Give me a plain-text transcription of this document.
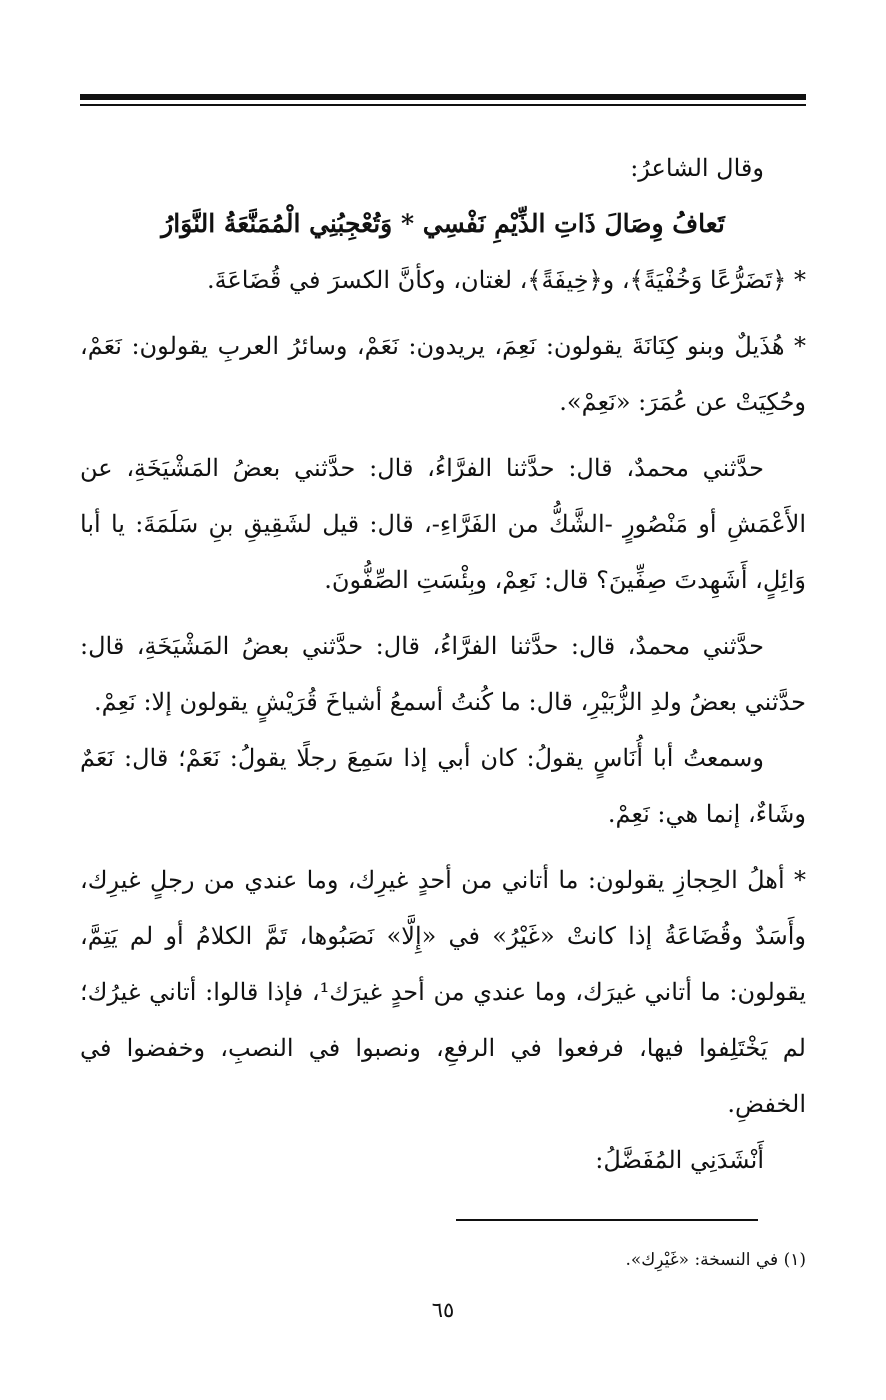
وقال الشاعرُ:

تَعافُ وِصَالَ ذَاتِ الذِّيْمِ نَفْسِي * وَتُعْجِبُنِي الْمُمَنَّعَةُ النَّوَارُ

* ﴿تَضَرُّعًا وَخُفْيَةً﴾، و﴿خِيفَةً﴾، لغتان، وكأنَّ الكسرَ في قُضَاعَةَ.

* هُذَيلٌ وبنو كِنَانَةَ يقولون: نَعِمَ، يريدون: نَعَمْ، وسائرُ العربِ يقولون: نَعَمْ، وحُكِيَتْ عن عُمَرَ: «نَعِمْ».

حدَّثني محمدٌ، قال: حدَّثنا الفرَّاءُ، قال: حدَّثني بعضُ المَشْيَخَةِ، عن الأَعْمَشِ أو مَنْصُورٍ -الشَّكُّ من الفَرَّاءِ-، قال: قيل لشَقِيقِ بنِ سَلَمَةَ: يا أبا وَائِلٍ، أَشَهِدتَ صِفِّينَ؟ قال: نَعِمْ، وبِئْسَتِ الصِّفُّونَ.

حدَّثني محمدٌ، قال: حدَّثنا الفرَّاءُ، قال: حدَّثني بعضُ المَشْيَخَةِ، قال: حدَّثني بعضُ ولدِ الزُّبَيْرِ، قال: ما كُنتُ أسمعُ أشياخَ قُرَيْشٍ يقولون إلا: نَعِمْ.

وسمعتُ أبا أُنَاسٍ يقولُ: كان أبي إذا سَمِعَ رجلًا يقولُ: نَعَمْ؛ قال: نَعَمٌ وشَاءٌ، إنما هي: نَعِمْ.

* أهلُ الحِجازِ يقولون: ما أتاني من أحدٍ غيرِك، وما عندي من رجلٍ غيرِك، وأَسَدٌ وقُضَاعَةُ إذا كانتْ «غَيْرُ» في «إِلَّا» نَصَبُوها، تَمَّ الكلامُ أو لم يَتِمَّ، يقولون: ما أتاني غيرَك، وما عندي من أحدٍ غيرَك¹، فإذا قالوا: أتاني غيرُك؛ لم يَخْتَلِفوا فيها، فرفعوا في الرفعِ، ونصبوا في النصبِ، وخفضوا في الخفضِ.

أَنْشَدَنِي المُفَضَّلُ:

(١) في النسخة: «غَيْرِك».
٦٥
